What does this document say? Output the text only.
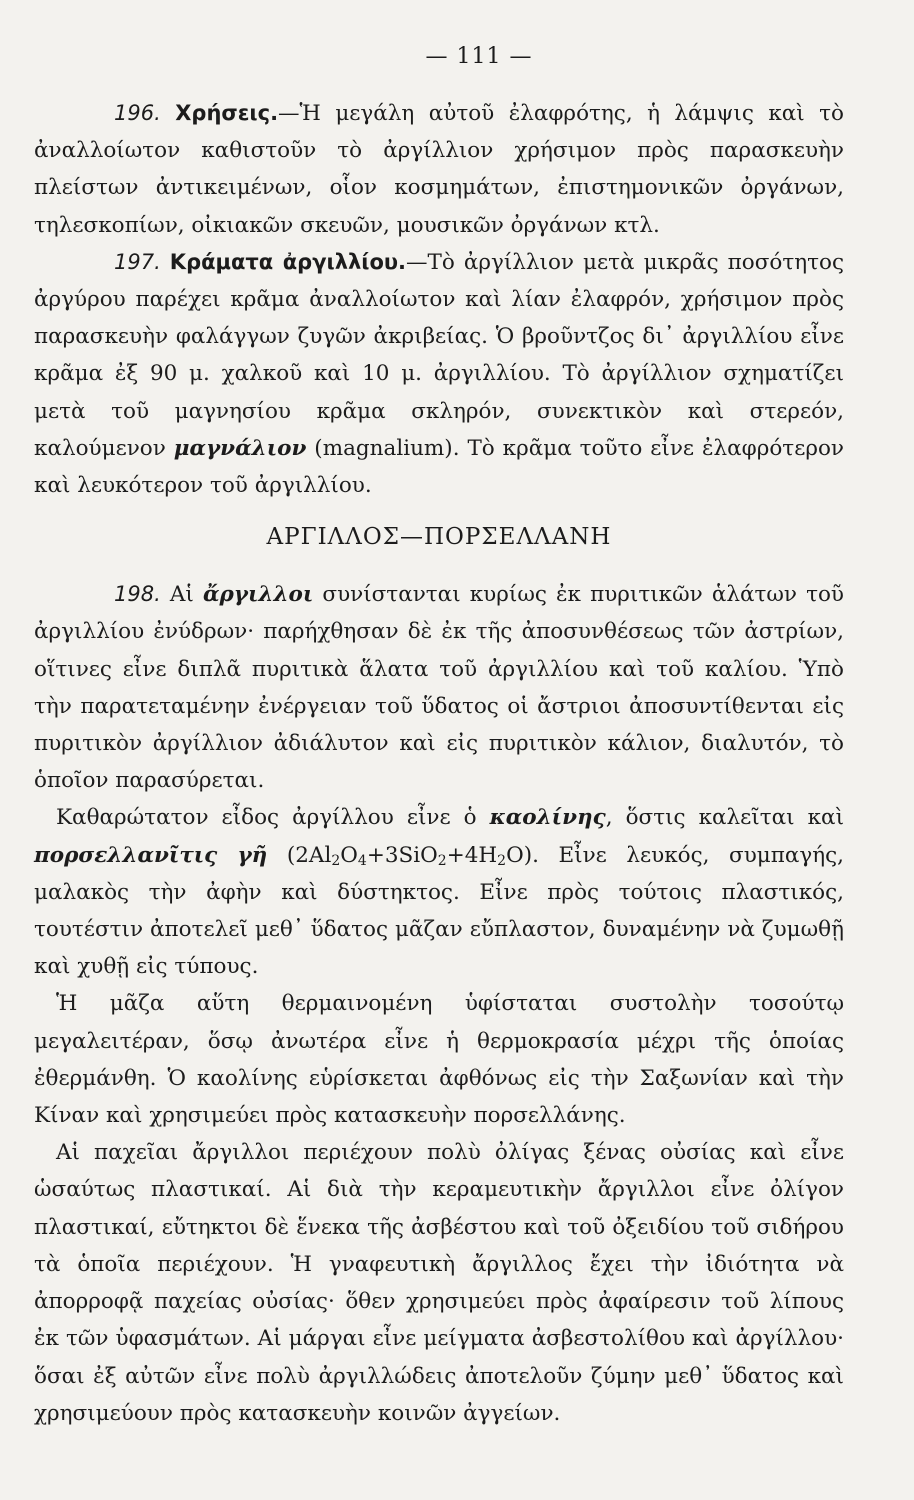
— 111 —

196. Χρήσεις.—Ἡ μεγάλη αὐτοῦ ἐλαφρότης, ἡ λάμψις καὶ τὸ ἀναλλοίωτον καθιστοῦν τὸ ἀργίλλιον χρήσιμον πρὸς παρασκευὴν πλείστων ἀντικειμένων, οἷον κοσμημάτων, ἐπιστημονικῶν ὀργάνων, τηλεσκοπίων, οἰκιακῶν σκευῶν, μουσικῶν ὀργάνων κτλ.

197. Κράματα ἀργιλλίου.—Τὸ ἀργίλλιον μετὰ μικρᾶς ποσότητος ἀργύρου παρέχει κρᾶμα ἀναλλοίωτον καὶ λίαν ἐλαφρόν, χρήσιμον πρὸς παρασκευὴν φαλάγγων ζυγῶν ἀκριβείας. Ὁ βροῦντζος δι᾽ ἀργιλλίου εἶνε κρᾶμα ἐξ 90 μ. χαλκοῦ καὶ 10 μ. ἀργιλλίου. Τὸ ἀργίλλιον σχηματίζει μετὰ τοῦ μαγνησίου κρᾶμα σκληρόν, συνεκτικὸν καὶ στερεόν, καλούμενον μαγνάλιον (magnalium). Τὸ κρᾶμα τοῦτο εἶνε ἐλαφρότερον καὶ λευκότερον τοῦ ἀργιλλίου.

ΑΡΓΙΛΛΟΣ—ΠΟΡΣΕΛΛΑΝΗ

198. Αἱ ἄργιλλοι συνίστανται κυρίως ἐκ πυριτικῶν ἁλάτων τοῦ ἀργιλλίου ἐνύδρων· παρήχθησαν δὲ ἐκ τῆς ἀποσυνθέσεως τῶν ἀστρίων, οἵτινες εἶνε διπλᾶ πυριτικὰ ἅλατα τοῦ ἀργιλλίου καὶ τοῦ καλίου. Ὑπὸ τὴν παρατεταμένην ἐνέργειαν τοῦ ὕδατος οἱ ἄστριοι ἀποσυντίθενται εἰς πυριτικὸν ἀργίλλιον ἀδιάλυτον καὶ εἰς πυριτικὸν κάλιον, διαλυτόν, τὸ ὁποῖον παρασύρεται.

Καθαρώτατον εἶδος ἀργίλλου εἶνε ὁ καολίνης, ὅστις καλεῖται καὶ πορσελλανῖτις γῆ $(2Al_2O_4+3SiO_2+4H_2O)$. Εἶνε λευκός, συμπαγής, μαλακὸς τὴν ἀφὴν καὶ δύστηκτος. Εἶνε πρὸς τούτοις πλαστικός, τουτέστιν ἀποτελεῖ μεθ᾽ ὕδατος μᾶζαν εὔπλαστον, δυναμένην νὰ ζυμωθῇ καὶ χυθῇ εἰς τύπους.

Ἡ μᾶζα αὕτη θερμαινομένη ὑφίσταται συστολὴν τοσούτῳ μεγαλειτέραν, ὅσῳ ἀνωτέρα εἶνε ἡ θερμοκρασία μέχρι τῆς ὁποίας ἐθερμάνθη. Ὁ καολίνης εὑρίσκεται ἀφθόνως εἰς τὴν Σαξωνίαν καὶ τὴν Κίναν καὶ χρησιμεύει πρὸς κατασκευὴν πορσελλάνης.

Αἱ παχεῖαι ἄργιλλοι περιέχουν πολὺ ὀλίγας ξένας οὐσίας καὶ εἶνε ὡσαύτως πλαστικαί. Αἱ διὰ τὴν κεραμευτικὴν ἄργιλλοι εἶνε ὀλίγον πλαστικαί, εὔτηκτοι δὲ ἕνεκα τῆς ἀσβέστου καὶ τοῦ ὀξειδίου τοῦ σιδήρου τὰ ὁποῖα περιέχουν. Ἡ γναφευτικὴ ἄργιλλος ἔχει τὴν ἰδιότητα νὰ ἀπορροφᾷ παχείας οὐσίας· ὅθεν χρησιμεύει πρὸς ἀφαίρεσιν τοῦ λίπους ἐκ τῶν ὑφασμάτων. Αἱ μάργαι εἶνε μείγματα ἀσβεστολίθου καὶ ἀργίλλου· ὅσαι ἐξ αὐτῶν εἶνε πολὺ ἀργιλλώδεις ἀποτελοῦν ζύμην μεθ᾽ ὕδατος καὶ χρησιμεύουν πρὸς κατασκευὴν κοινῶν ἀγγείων.
